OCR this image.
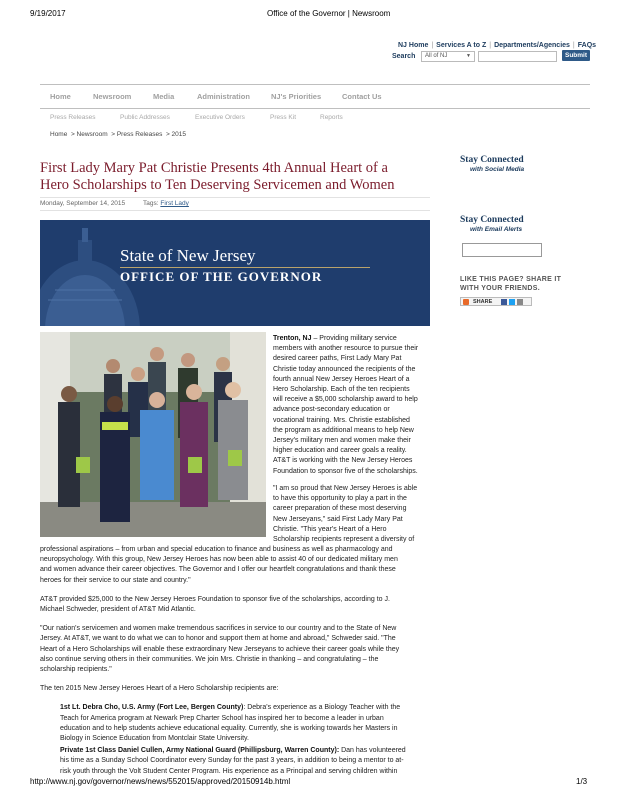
9/19/2017	Office of the Governor | Newsroom
NJ Home | Services A to Z | Departments/Agencies | FAQs
Search	All of NJ	▼	Submit
Home	Newsroom	Media	Administration	NJ's Priorities	Contact Us
Press Releases	Public Addresses	Executive Orders	Press Kit	Reports
Home  > Newsroom  > Press Releases  > 2015
First Lady Mary Pat Christie Presents 4th Annual Heart of a
Hero Scholarships to Ten Deserving Servicemen and Women
Monday, September 14, 2015	Tags: First Lady
State of New Jersey
OFFICE OF THE GOVERNOR
Trenton, NJ – Providing military service
members with another resource to pursue their
desired career paths, First Lady Mary Pat
Christie today announced the recipients of the
fourth annual New Jersey Heroes Heart of a
Hero Scholarship. Each of the ten recipients
will receive a $5,000 scholarship award to help
advance post-secondary education or
vocational training. Mrs. Christie established
the program as additional means to help New
Jersey's military men and women make their
higher education and career goals a reality.
AT&T is working with the New Jersey Heroes
Foundation to sponsor five of the scholarships.
"I am so proud that New Jersey Heroes is able
to have this opportunity to play a part in the
career preparation of these most deserving
New Jerseyans," said First Lady Mary Pat
Christie. "This year's Heart of a Hero
Scholarship recipients represent a diversity of
professional aspirations – from urban and special education to finance and business as well as pharmacology and
neuropsychology. With this group, New Jersey Heroes has now been able to assist 40 of our dedicated military men
and women advance their career objectives. The Governor and I offer our heartfelt congratulations and thank these
heroes for their service to our state and country."
AT&T provided $25,000 to the New Jersey Heroes Foundation to sponsor five of the scholarships, according to J.
Michael Schweder, president of AT&T Mid Atlantic.
"Our nation's servicemen and women make tremendous sacrifices in service to our country and to the State of New
Jersey. At AT&T, we want to do what we can to honor and support them at home and abroad," Schweder said. "The
Heart of a Hero Scholarships will enable these extraordinary New Jerseyans to achieve their career goals while they
also continue serving others in their communities. We join Mrs. Christie in thanking – and congratulating – the
scholarship recipients."
The ten 2015 New Jersey Heroes Heart of a Hero Scholarship recipients are:
1st Lt. Debra Cho, U.S. Army (Fort Lee, Bergen County): Debra's experience as a Biology Teacher with the
Teach for America program at Newark Prep Charter School has inspired her to become a leader in urban
education and to help students achieve educational equality. Currently, she is working towards her Masters in
Biology in Science Education from Montclair State University.
Private 1st Class Daniel Cullen, Army National Guard (Phillipsburg, Warren County): Dan has volunteered
his time as a Sunday School Coordinator every Sunday for the past 3 years, in addition to being a mentor to at-
risk youth through the Volt Student Center Program. His experience as a Principal and serving children within
Stay Connected
with Social Media
Stay Connected
with Email Alerts
LIKE THIS PAGE? SHARE IT
WITH YOUR FRIENDS.
SHARE
http://www.nj.gov/governor/news/news/552015/approved/20150914b.html	1/3
